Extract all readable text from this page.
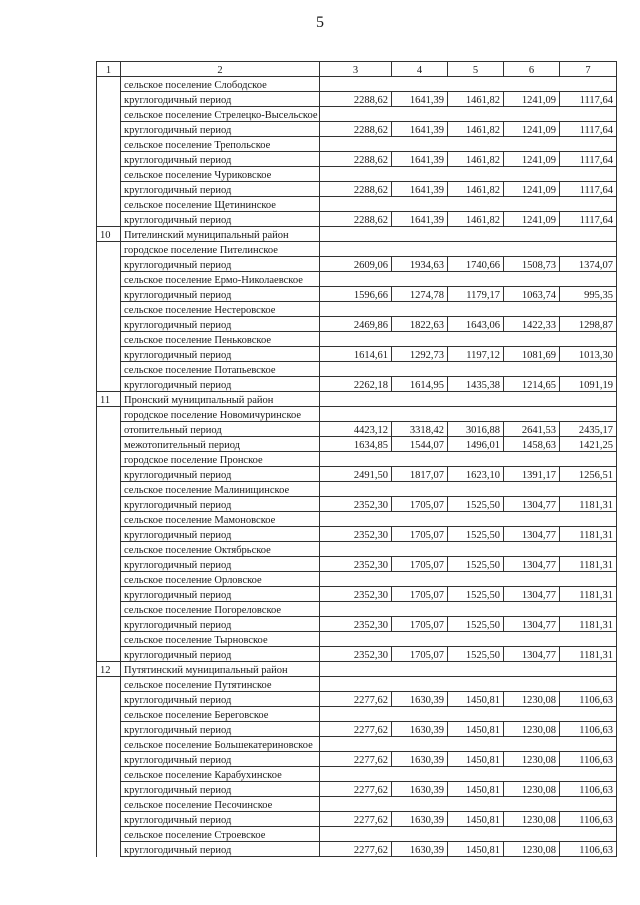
5
1	2	3	4	5	6	7
	сельское поселение Слободское					
	круглогодичный период	2288,62	1641,39	1461,82	1241,09	1117,64
	сельское поселение Стрелецко-Высельское					
	круглогодичный период	2288,62	1641,39	1461,82	1241,09	1117,64
	сельское поселение Трепольское					
	круглогодичный период	2288,62	1641,39	1461,82	1241,09	1117,64
	сельское поселение Чуриковское					
	круглогодичный период	2288,62	1641,39	1461,82	1241,09	1117,64
	сельское поселение Щетининское					
	круглогодичный период	2288,62	1641,39	1461,82	1241,09	1117,64
10	Пителинский муниципальный район					
	городское поселение Пителинское					
	круглогодичный период	2609,06	1934,63	1740,66	1508,73	1374,07
	сельское поселение Ермо-Николаевское					
	круглогодичный период	1596,66	1274,78	1179,17	1063,74	995,35
	сельское поселение Нестеровское					
	круглогодичный период	2469,86	1822,63	1643,06	1422,33	1298,87
	сельское поселение Пеньковское					
	круглогодичный период	1614,61	1292,73	1197,12	1081,69	1013,30
	сельское поселение Потапьевское					
	круглогодичный период	2262,18	1614,95	1435,38	1214,65	1091,19
11	Пронский муниципальный район					
	городское поселение Новомичуринское					
	отопительный период	4423,12	3318,42	3016,88	2641,53	2435,17
	межотопительный период	1634,85	1544,07	1496,01	1458,63	1421,25
	городское поселение Пронское					
	круглогодичный период	2491,50	1817,07	1623,10	1391,17	1256,51
	сельское поселение Малинищинское					
	круглогодичный период	2352,30	1705,07	1525,50	1304,77	1181,31
	сельское поселение Мамоновское					
	круглогодичный период	2352,30	1705,07	1525,50	1304,77	1181,31
	сельское поселение Октябрьское					
	круглогодичный период	2352,30	1705,07	1525,50	1304,77	1181,31
	сельское поселение Орловское					
	круглогодичный период	2352,30	1705,07	1525,50	1304,77	1181,31
	сельское поселение Погореловское					
	круглогодичный период	2352,30	1705,07	1525,50	1304,77	1181,31
	сельское поселение Тырновское					
	круглогодичный период	2352,30	1705,07	1525,50	1304,77	1181,31
12	Путятинский муниципальный район					
	сельское поселение Путятинское					
	круглогодичный период	2277,62	1630,39	1450,81	1230,08	1106,63
	сельское поселение Береговское					
	круглогодичный период	2277,62	1630,39	1450,81	1230,08	1106,63
	сельское поселение Большекатериновское					
	круглогодичный период	2277,62	1630,39	1450,81	1230,08	1106,63
	сельское поселение Карабухинское					
	круглогодичный период	2277,62	1630,39	1450,81	1230,08	1106,63
	сельское поселение Песочинское					
	круглогодичный период	2277,62	1630,39	1450,81	1230,08	1106,63
	сельское поселение Строевское					
	круглогодичный период	2277,62	1630,39	1450,81	1230,08	1106,63
